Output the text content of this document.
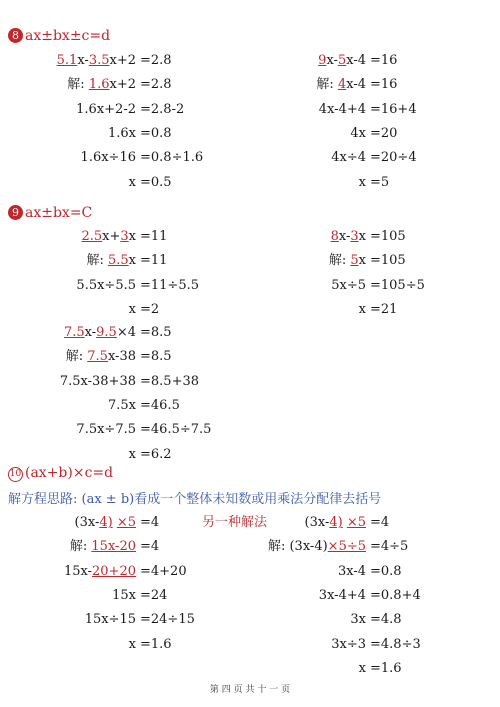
8 ax±bx±c=d
5.1x-3.5x+2 =2.8
解: 1.6x+2 =2.8
1.6x+2-2 =2.8-2
1.6x =0.8
1.6x÷16 =0.8÷1.6
x =0.5
9x-5x-4 =16
解: 4x-4 =16
4x-4+4 =16+4
4x =20
4x÷4 =20÷4
x =5
9 ax±bx=C
2.5x+3x =11
解: 5.5x =11
5.5x÷5.5 =11÷5.5
x =2
8x-3x =105
解: 5x =105
5x÷5 =105÷5
x =21
7.5x-9.5×4 =8.5
解: 7.5x-38 =8.5
7.5x-38+38 =8.5+38
7.5x =46.5
7.5x÷7.5 =46.5÷7.5
x =6.2
10 (ax+b)×c=d
解方程思路: (ax ± b)看成一个整体未知数或用乘法分配律去括号
另一种解法
(3x-4) ×5 =4
解: 15x-20 =4
15x-20+20 =4+20
15x =24
15x÷15 =24÷15
x =1.6
(3x-4) ×5 =4
解: (3x-4)×5÷5 =4÷5
3x-4 =0.8
3x-4+4 =0.8+4
3x =4.8
3x÷3 =4.8÷3
x =1.6
第 四 页 共 十 一 页
